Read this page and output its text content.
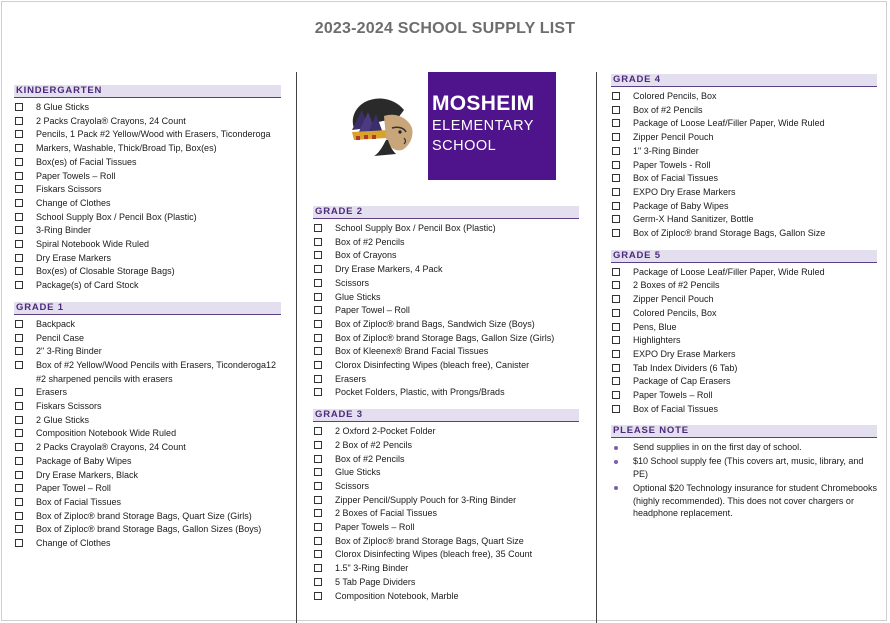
2023-2024 SCHOOL SUPPLY LIST
KINDERGARTEN
8 Glue Sticks
2 Packs Crayola® Crayons, 24 Count
Pencils, 1 Pack #2 Yellow/Wood with Erasers, Ticonderoga
Markers, Washable, Thick/Broad Tip, Box(es)
Box(es) of Facial Tissues
Paper Towels – Roll
Fiskars Scissors
Change of Clothes
School Supply Box / Pencil Box (Plastic)
3-Ring Binder
Spiral Notebook Wide Ruled
Dry Erase Markers
Box(es) of Closable Storage Bags)
Package(s) of Card Stock
GRADE 1
Backpack
Pencil Case
2" 3-Ring Binder
Box of #2 Yellow/Wood Pencils with Erasers, Ticonderoga12 #2 sharpened pencils with erasers
Erasers
Fiskars Scissors
2 Glue Sticks
Composition Notebook Wide Ruled
2 Packs Crayola® Crayons, 24 Count
Package of Baby Wipes
Dry Erase Markers, Black
Paper Towel – Roll
Box of Facial Tissues
Box of Ziploc® brand Storage Bags, Quart Size (Girls)
Box of Ziploc® brand Storage Bags, Gallon Sizes (Boys)
Change of Clothes
MOSHEIM
ELEMENTARY
SCHOOL
GRADE 2
School Supply Box / Pencil Box (Plastic)
Box of #2 Pencils
Box of Crayons
Dry Erase Markers, 4 Pack
Scissors
Glue Sticks
Paper Towel – Roll
Box of Ziploc® brand Bags, Sandwich Size (Boys)
Box of Ziploc® brand Storage Bags, Gallon Size (Girls)
Box of Kleenex® Brand Facial Tissues
Clorox Disinfecting Wipes (bleach free), Canister
Erasers
Pocket Folders, Plastic, with Prongs/Brads
GRADE 3
2 Oxford 2-Pocket Folder
2 Box of #2 Pencils
Box of #2 Pencils
Glue Sticks
Scissors
Zipper Pencil/Supply Pouch for 3-Ring Binder
2 Boxes of Facial Tissues
Paper Towels – Roll
Box of Ziploc® brand Storage Bags, Quart Size
Clorox Disinfecting Wipes (bleach free), 35 Count
1.5" 3-Ring Binder
5 Tab Page Dividers
Composition Notebook, Marble
GRADE 4
Colored Pencils, Box
Box of #2 Pencils
Package of Loose Leaf/Filler Paper, Wide Ruled
Zipper Pencil Pouch
1" 3-Ring Binder
Paper Towels - Roll
Box of Facial Tissues
EXPO Dry Erase Markers
Package of Baby Wipes
Germ-X Hand Sanitizer, Bottle
Box of Ziploc® brand Storage Bags, Gallon Size
GRADE 5
Package of Loose Leaf/Filler Paper, Wide Ruled
2 Boxes of #2 Pencils
Zipper Pencil Pouch
Colored Pencils, Box
Pens, Blue
Highlighters
EXPO Dry Erase Markers
Tab Index Dividers (6 Tab)
Package of Cap Erasers
Paper Towels – Roll
Box of Facial Tissues
PLEASE NOTE
Send supplies in on the first day of school.
$10 School supply fee (This covers art, music, library, and PE)
Optional $20 Technology insurance for student Chromebooks (highly recommended). This does not cover chargers or headphone replacement.
